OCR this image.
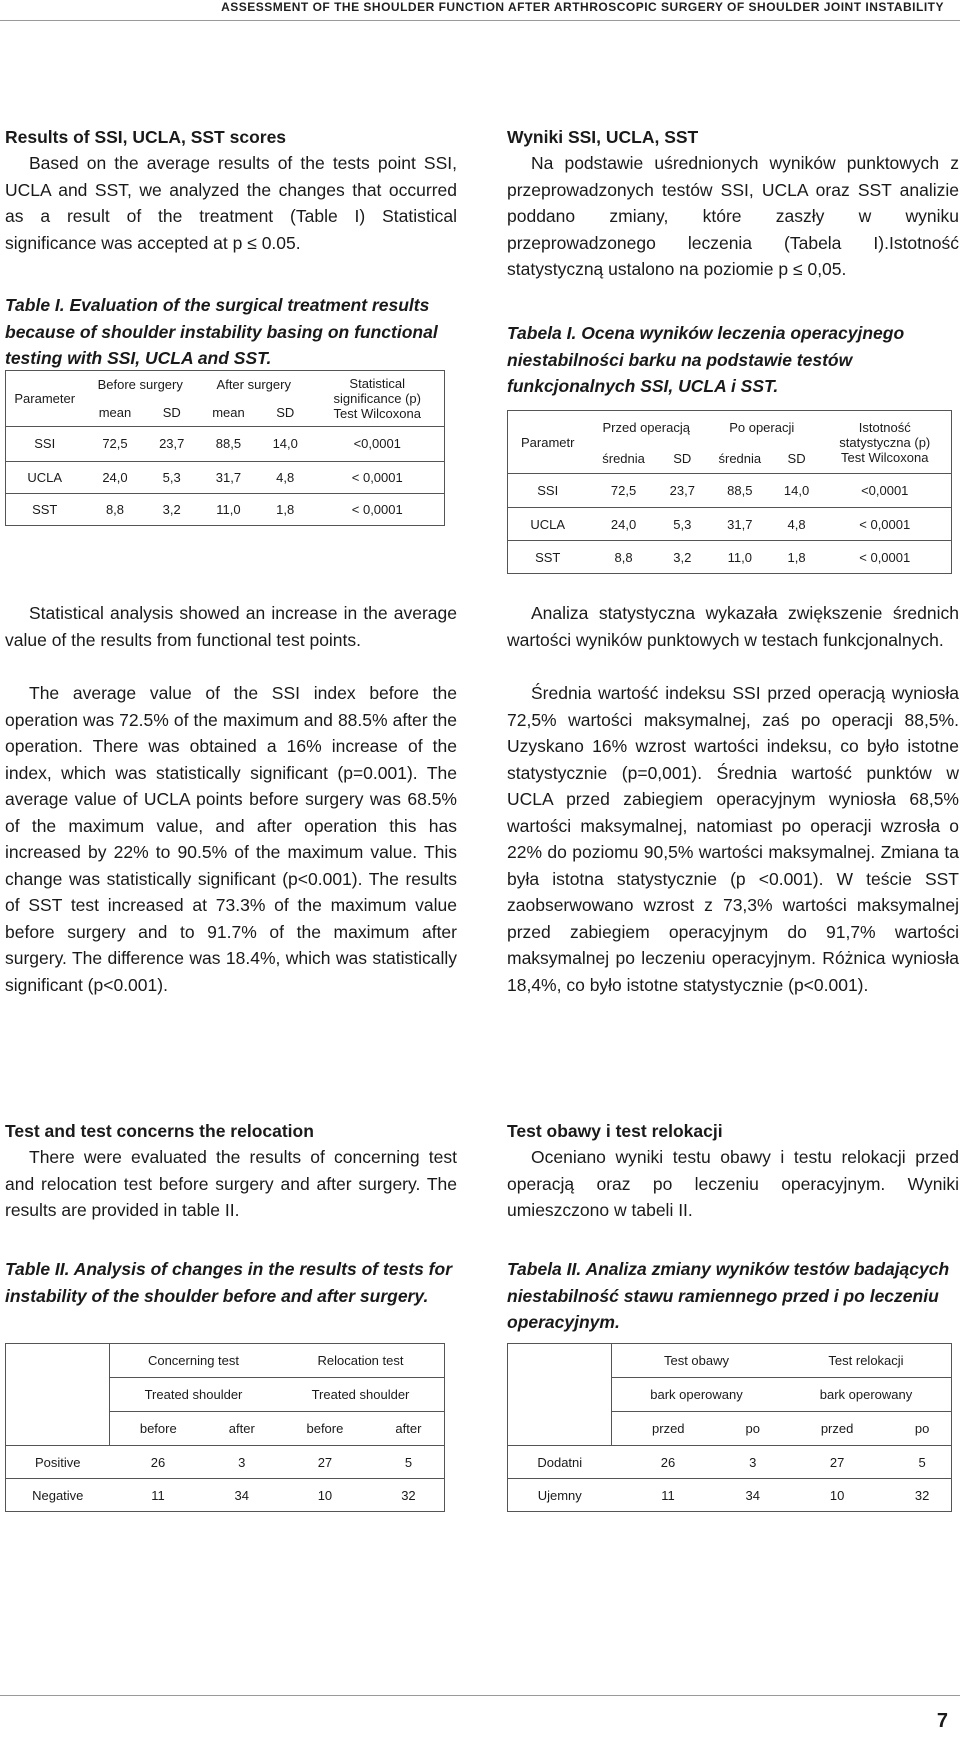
ASSESSMENT OF THE SHOULDER FUNCTION AFTER ARTHROSCOPIC SURGERY OF SHOULDER JOINT INSTABILITY
Results of SSI, UCLA, SST scores
Based on the average results of the tests point SSI, UCLA and SST, we analyzed the changes that occurred as a result of the treatment (Table I) Statistical significance was accepted at p ≤ 0.05.
Table I. Evaluation of the surgical treatment results because of shoulder instability basing on functional testing with SSI, UCLA and SST.
Parameter	Before surgery		After surgery		Statistical significance (p) Test Wilcoxona
	mean	SD	mean	SD	
SSI	72,5	23,7	88,5	14,0	<0,0001
UCLA	24,0	5,3	31,7	4,8	< 0,0001
SST	8,8	3,2	11,0	1,8	< 0,0001
Statistical analysis showed an increase in the average value of the results from functional test points.
The average value of the SSI index before the operation was 72.5% of the maximum and 88.5% after the operation. There was obtained a 16% increase of the index, which was statistically significant (p=0.001). The average value of UCLA points before surgery was 68.5% of the maximum value, and after operation this has increased by 22% to 90.5% of the maximum value. This change was statistically significant (p<0.001). The results of SST test increased at 73.3% of the maximum value before surgery and to 91.7% of the maximum after surgery. The difference was 18.4%, which was statistically significant (p<0.001).
Test and test concerns the relocation
There were evaluated the results of concerning test and relocation test before surgery and after surgery. The results are provided in table II.
Table II. Analysis of changes in the results of tests for instability of the shoulder before and after surgery.
	Concerning test		Relocation test	
	Treated shoulder		Treated shoulder	
	before	after	before	after
Positive	26	3	27	5
Negative	11	34	10	32
Wyniki SSI, UCLA, SST
Na podstawie uśrednionych wyników punktowych z przeprowadzonych testów SSI, UCLA oraz SST analizie poddano zmiany, które zaszły w wyniku przeprowadzonego leczenia (Tabela I).Istotność statystyczną ustalono na poziomie p ≤ 0,05.
Tabela I. Ocena wyników leczenia operacyjnego niestabilności barku na podstawie testów funkcjonalnych SSI, UCLA i SST.
Parametr	Przed operacją		Po operacji		Istotność statystyczna (p) Test Wilcoxona
	średnia	SD	średnia	SD	
SSI	72,5	23,7	88,5	14,0	<0,0001
UCLA	24,0	5,3	31,7	4,8	< 0,0001
SST	8,8	3,2	11,0	1,8	< 0,0001
Analiza statystyczna wykazała zwiększenie średnich wartości wyników punktowych w testach funkcjonalnych.
Średnia wartość indeksu SSI przed operacją wyniosła 72,5% wartości maksymalnej, zaś po operacji 88,5%. Uzyskano 16% wzrost wartości indeksu, co było istotne statystycznie (p=0,001). Średnia wartość punktów w UCLA przed zabiegiem operacyjnym wyniosła 68,5% wartości maksymalnej, natomiast po operacji wzrosła o 22% do poziomu 90,5% wartości maksymalnej. Zmiana ta była istotna statystycznie (p <0.001). W teście SST zaobserwowano wzrost z 73,3% wartości maksymalnej przed zabiegiem operacyjnym do 91,7% wartości maksymalnej po leczeniu operacyjnym. Różnica wyniosła 18,4%, co było istotne statystycznie (p<0.001).
Test obawy i test relokacji
Oceniano wyniki testu obawy i testu relokacji przed operacją oraz po leczeniu operacyjnym. Wyniki umieszczono w tabeli II.
Tabela II. Analiza zmiany wyników testów badających niestabilność stawu ramiennego przed i po leczeniu operacyjnym.
	Test obawy		Test relokacji	
	bark operowany		bark operowany	
	przed	po	przed	po
Dodatni	26	3	27	5
Ujemny	11	34	10	32
7
